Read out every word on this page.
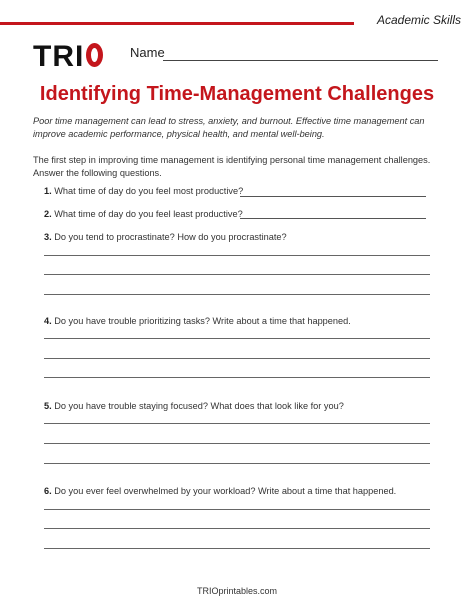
Academic Skills
TRI	Name
Identifying Time-Management Challenges
Poor time management can lead to stress, anxiety, and burnout. Effective time management can improve academic performance, physical health, and mental well-being.
The first step in improving time management is identifying personal time management challenges. Answer the following questions.
1. What time of day do you feel most productive?
2. What time of day do you feel least productive?
3. Do you tend to procrastinate? How do you procrastinate?
4. Do you have trouble prioritizing tasks? Write about a time that happened.
5. Do you have trouble staying focused? What does that look like for you?
6. Do you ever feel overwhelmed by your workload? Write about a time that happened.
TRIOprintables.com
